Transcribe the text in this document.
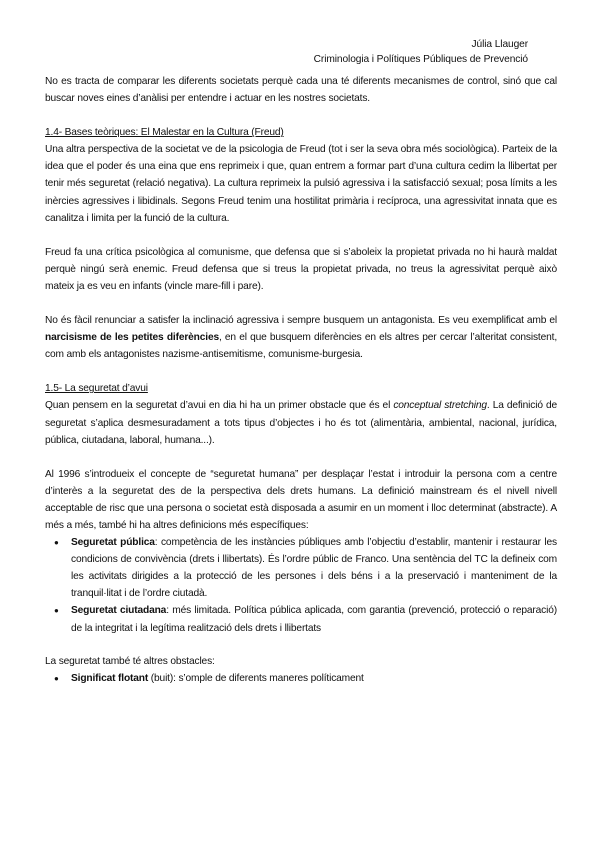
Júlia Llauger
Criminologia i Polítiques Públiques de Prevenció

No es tracta de comparar les diferents societats perquè cada una té diferents mecanismes de control, sinó que cal buscar noves eines d’anàlisi per entendre i actuar en les nostres societats.

1.4- Bases teòriques: El Malestar en la Cultura (Freud)

Una altra perspectiva de la societat ve de la psicologia de Freud (tot i ser la seva obra més sociològica). Parteix de la idea que el poder és una eina que ens reprimeix i que, quan entrem a formar part d’una cultura cedim la llibertat per tenir més seguretat (relació negativa). La cultura reprimeix la pulsió agressiva i la satisfacció sexual; posa límits a les inèrcies agressives i libidinals. Segons Freud tenim una hostilitat primària i recíproca, una agressivitat innata que es canalitza i limita per la funció de la cultura.

Freud fa una crítica psicològica al comunisme, que defensa que si s’aboleix la propietat privada no hi haurà maldat perquè ningú serà enemic. Freud defensa que si treus la propietat privada, no treus la agressivitat perquè això mateix ja es veu en infants (vincle mare-fill i pare).

No és fàcil renunciar a satisfer la inclinació agressiva i sempre busquem un antagonista. Es veu exemplificat amb el narcisisme de les petites diferències, en el que busquem diferències en els altres per cercar l’alteritat consistent, com amb els antagonistes nazisme-antisemitisme, comunisme-burgesia.

1.5- La seguretat d’avui

Quan pensem en la seguretat d’avui en dia hi ha un primer obstacle que és el conceptual stretching. La definició de seguretat s’aplica desmesuradament a tots tipus d’objectes i ho és tot (alimentària, ambiental, nacional, jurídica, pública, ciutadana, laboral, humana...).

Al 1996 s’introdueix el concepte de “seguretat humana” per desplaçar l’estat i introduir la persona com a centre d’interès a la seguretat des de la perspectiva dels drets humans. La definició mainstream és el nivell nivell acceptable de risc que una persona o societat està disposada a asumir en un moment i lloc determinat (abstracte). A més a més, també hi ha altres definicions més específiques:

● Seguretat pública: competència de les instàncies públiques amb l’objectiu d’establir, mantenir i restaurar les condicions de convivència (drets i llibertats). És l’ordre públic de Franco. Una sentència del TC la defineix com les activitats dirigides a la protecció de les persones i dels béns i a la preservació i manteniment de la tranquil·litat i de l’ordre ciutadà.
● Seguretat ciutadana: més limitada. Política pública aplicada, com garantia (prevenció, protecció o reparació) de la integritat i la legítima realització dels drets i llibertats

La seguretat també té altres obstacles:

● Significat flotant (buit): s’omple de diferents maneres políticament
